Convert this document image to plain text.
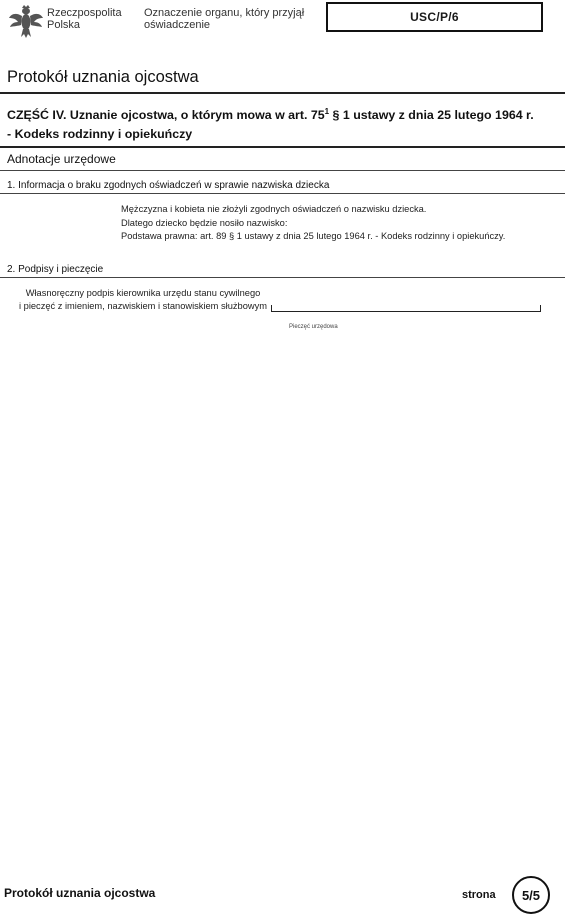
Rzeczpospolita
Polska
Oznaczenie organu, który przyjął
oświadczenie
USC/P/6
Protokół uznania ojcostwa
CZĘŚĆ IV. Uznanie ojcostwa, o którym mowa w art. $75^1$ § 1 ustawy z dnia 25 lutego 1964 r.
- Kodeks rodzinny i opiekuńczy
Adnotacje urzędowe
1. Informacja o braku zgodnych oświadczeń w sprawie nazwiska dziecka
Mężczyzna i kobieta nie złożyli zgodnych oświadczeń o nazwisku dziecka.
Dlatego dziecko będzie nosiło nazwisko:
Podstawa prawna: art. 89 § 1 ustawy z dnia 25 lutego 1964 r. - Kodeks rodzinny i opiekuńczy.
2. Podpisy i pieczęcie
Własnoręczny podpis kierownika urzędu stanu cywilnego
i pieczęć z imieniem, nazwiskiem i stanowiskiem służbowym
Pieczęć urzędowa
Protokół uznania ojcostwa	strona 5/5
